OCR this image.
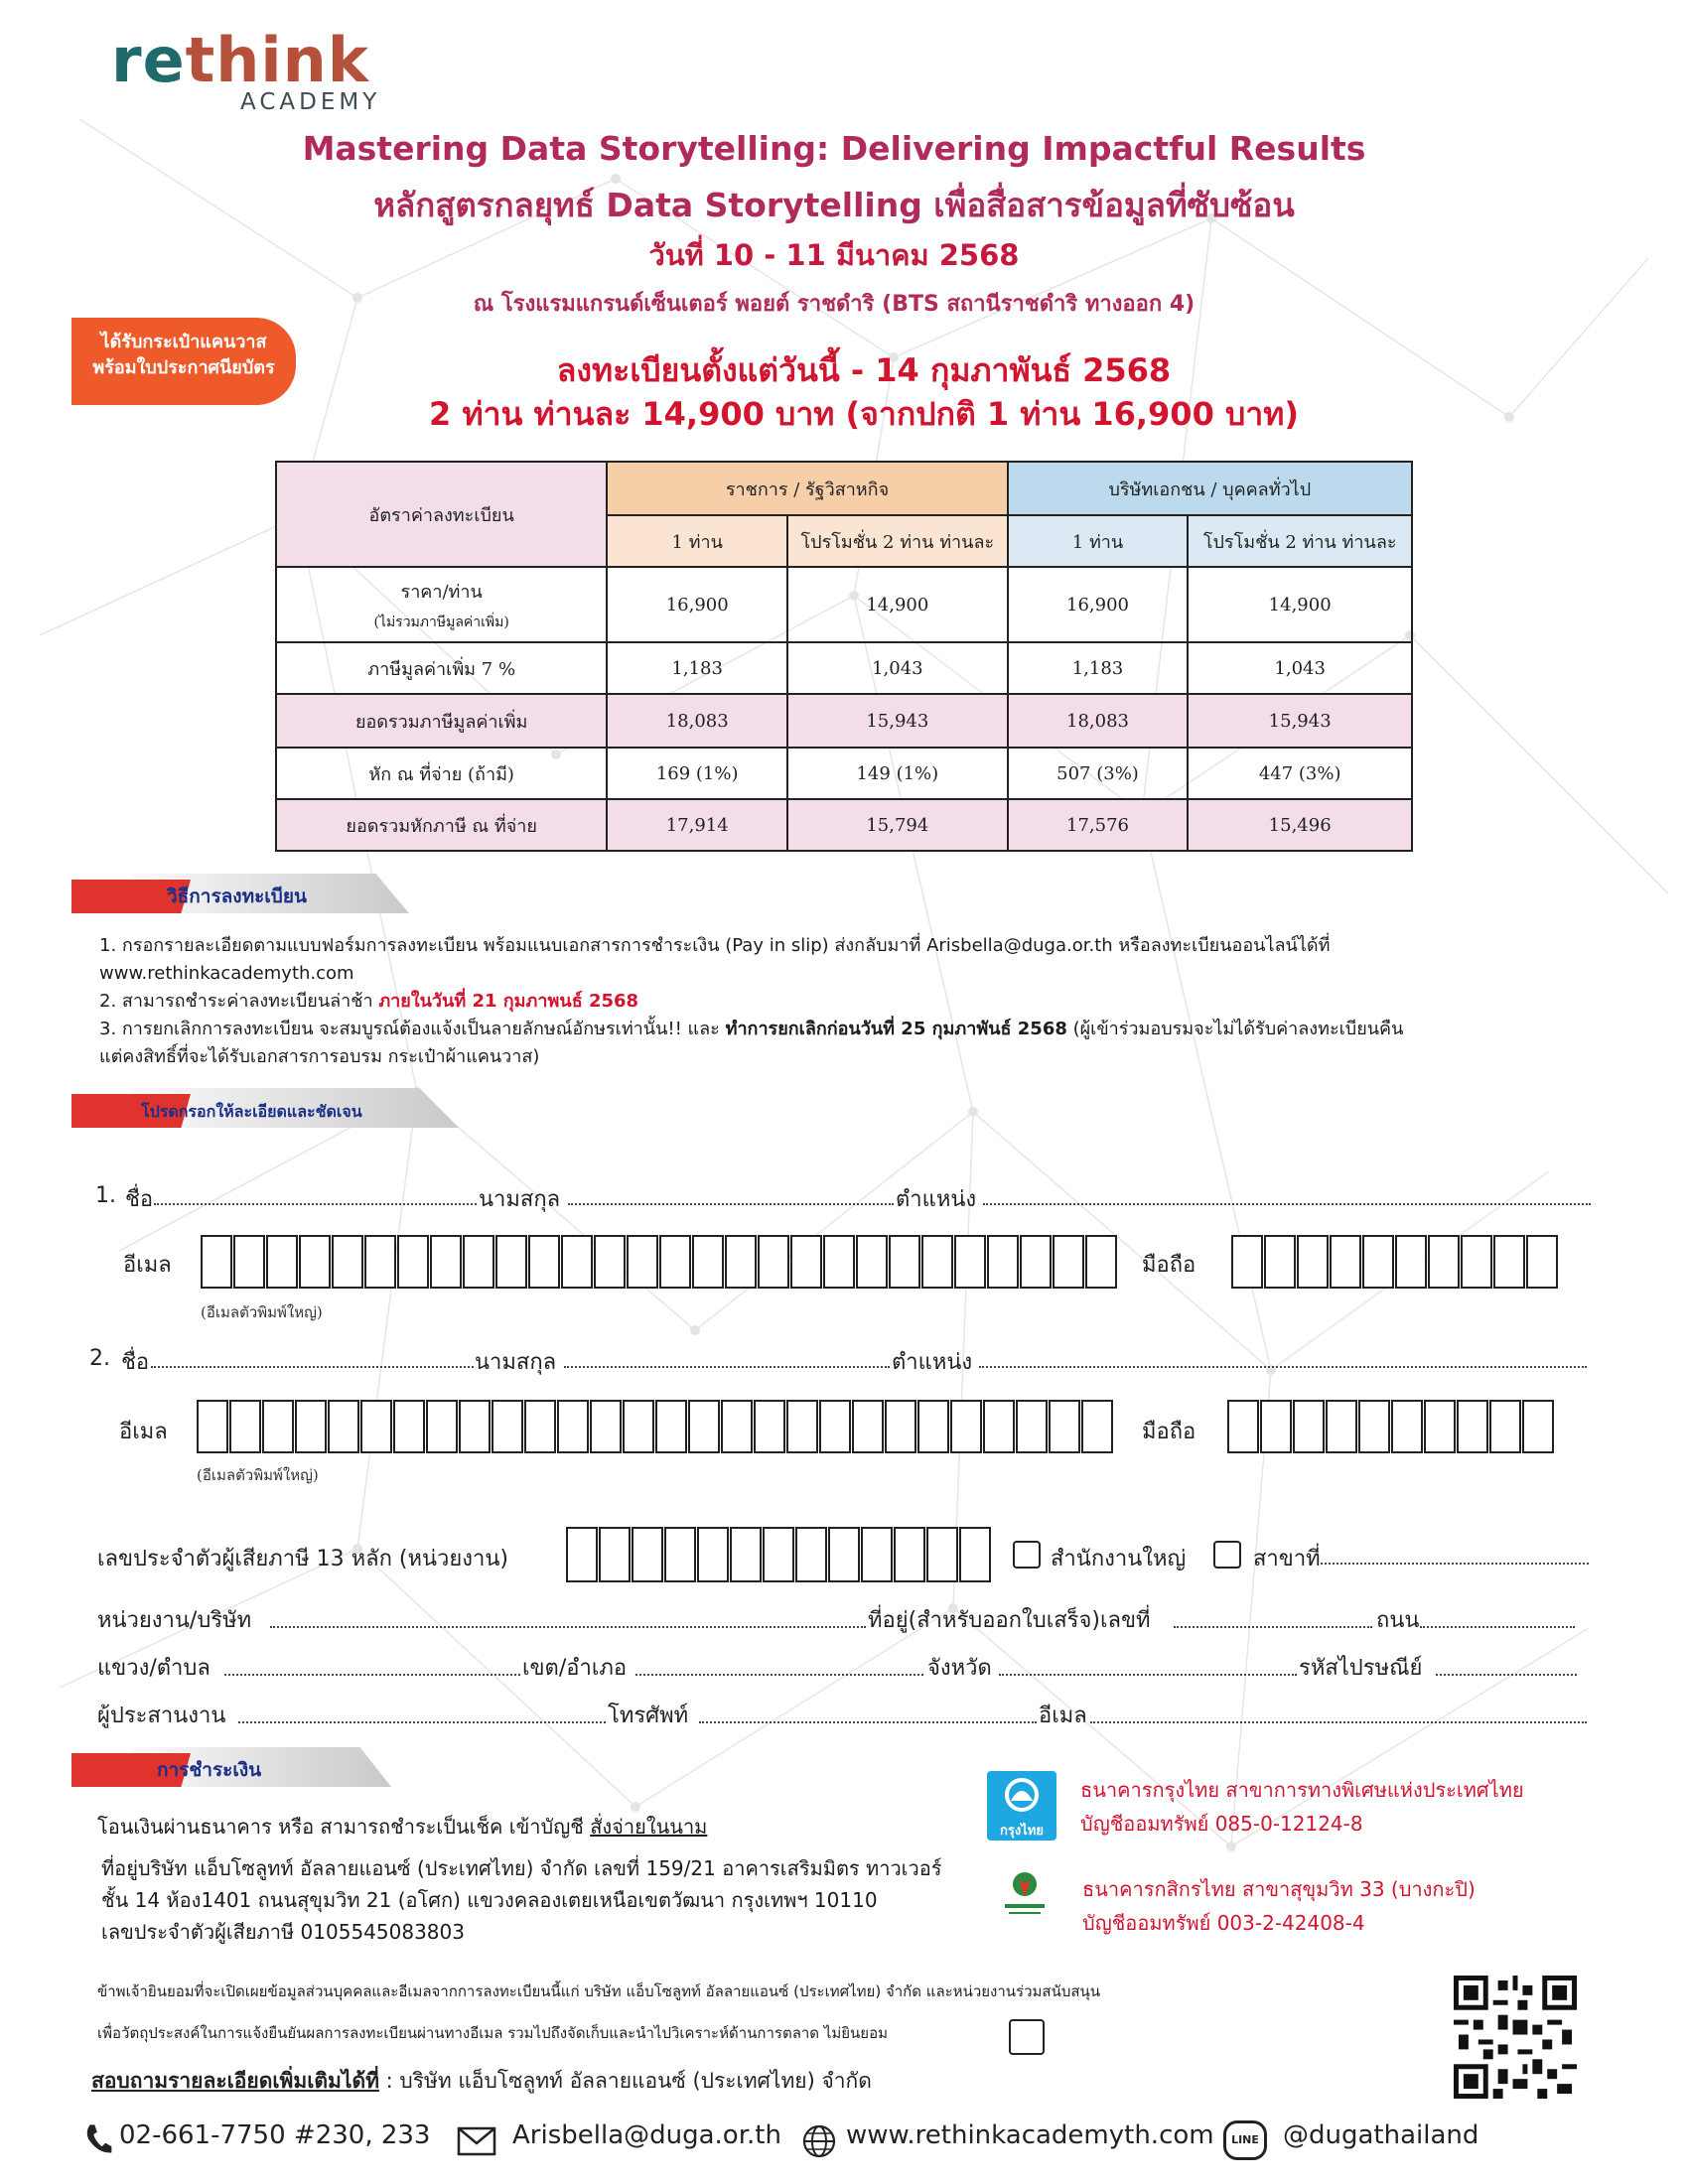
rethink
ACADEMY
Mastering Data Storytelling: Delivering Impactful Results
หลักสูตรกลยุทธ์ Data Storytelling เพื่อสื่อสารข้อมูลที่ซับซ้อน
วันที่ 10 - 11 มีนาคม 2568
ณ โรงแรมแกรนด์เซ็นเตอร์ พอยต์ ราชดำริ (BTS สถานีราชดำริ ทางออก 4)
ได้รับกระเป๋าแคนวาส
พร้อมใบประกาศนียบัตร	ลงทะเบียนตั้งแต่วันนี้ - 14 กุมภาพันธ์ 2568
2 ท่าน ท่านละ 14,900 บาท (จากปกติ 1 ท่าน 16,900 บาท)
อัตราค่าลงทะเบียน	ราชการ / รัฐวิสาหกิจ		บริษัทเอกชน / บุคคลทั่วไป	
	1 ท่าน	โปรโมชั่น 2 ท่าน ท่านละ	1 ท่าน	โปรโมชั่น 2 ท่าน ท่านละ
ราคา/ท่าน
(ไม่รวมภาษีมูลค่าเพิ่ม)	16,900	14,900	16,900	14,900
ภาษีมูลค่าเพิ่ม 7 %	1,183	1,043	1,183	1,043
ยอดรวมภาษีมูลค่าเพิ่ม	18,083	15,943	18,083	15,943
หัก ณ ที่จ่าย (ถ้ามี)	169 (1%)	149 (1%)	507 (3%)	447 (3%)
ยอดรวมหักภาษี ณ ที่จ่าย	17,914	15,794	17,576	15,496
วิธีการลงทะเบียน
1. กรอกรายละเอียดตามแบบฟอร์มการลงทะเบียน พร้อมแนบเอกสารการชำระเงิน (Pay in slip) ส่งกลับมาที่ Arisbella@duga.or.th หรือลงทะเบียนออนไลน์ได้ที่
www.rethinkacademyth.com
2. สามารถชำระค่าลงทะเบียนล่าช้า ภายในวันที่ 21 กุมภาพนธ์ 2568
3. การยกเลิกการลงทะเบียน จะสมบูรณ์ต้องแจ้งเป็นลายลักษณ์อักษรเท่านั้น!! และ ทำการยกเลิกก่อนวันที่ 25 กุมภาพันธ์ 2568 (ผู้เข้าร่วมอบรมจะไม่ได้รับค่าลงทะเบียนคืน
แต่คงสิทธิ์ที่จะได้รับเอกสารการอบรม กระเป๋าผ้าแคนวาส)
โปรดกรอกให้ละเอียดและชัดเจน
1. ชื่อ	นามสกุล	ตำแหน่ง
อีเมล
(อีเมลตัวพิมพ์ใหญ่)
มือถือ
2. ชื่อ	นามสกุล	ตำแหน่ง
อีเมล
(อีเมลตัวพิมพ์ใหญ่)
มือถือ
เลขประจำตัวผู้เสียภาษี 13 หลัก (หน่วยงาน)	สำนักงานใหญ่	สาขาที่
หน่วยงาน/บริษัท	ที่อยู่(สำหรับออกใบเสร็จ)เลขที่	ถนน
แขวง/ตำบล	เขต/อำเภอ	จังหวัด	รหัสไปรษณีย์
ผู้ประสานงาน	โทรศัพท์	อีเมล
การชำระเงิน
โอนเงินผ่านธนาคาร หรือ สามารถชำระเป็นเช็ค เข้าบัญชี สั่งจ่ายในนาม
ที่อยู่บริษัท แอ็บโซลูทท์ อัลลายแอนซ์ (ประเทศไทย) จำกัด เลขที่ 159/21 อาคารเสริมมิตร ทาวเวอร์
ชั้น 14 ห้อง1401 ถนนสุขุมวิท 21 (อโศก) แขวงคลองเตยเหนือเขตวัฒนา กรุงเทพฯ 10110
เลขประจำตัวผู้เสียภาษี 0105545083803
กรุงไทย
ธนาคารกรุงไทย สาขาการทางพิเศษแห่งประเทศไทย
บัญชีออมทรัพย์ 085-0-12124-8
ธนาคารกสิกรไทย สาขาสุขุมวิท 33 (บางกะปิ)
บัญชีออมทรัพย์ 003-2-42408-4
ข้าพเจ้ายินยอมที่จะเปิดเผยข้อมูลส่วนบุคคลและอีเมลจากการลงทะเบียนนี้แก่ บริษัท แอ็บโซลูทท์ อัลลายแอนซ์ (ประเทศไทย) จำกัด และหน่วยงานร่วมสนับสนุน
เพื่อวัตถุประสงค์ในการแจ้งยืนยันผลการลงทะเบียนผ่านทางอีเมล รวมไปถึงจัดเก็บและนำไปวิเคราะห์ด้านการตลาด ไม่ยินยอม
สอบถามรายละเอียดเพิ่มเติมได้ที่ : บริษัท แอ็บโซลูทท์ อัลลายแอนซ์ (ประเทศไทย) จำกัด
02-661-7750 #230, 233	Arisbella@duga.or.th	www.rethinkacademyth.com	LINE @dugathailand
